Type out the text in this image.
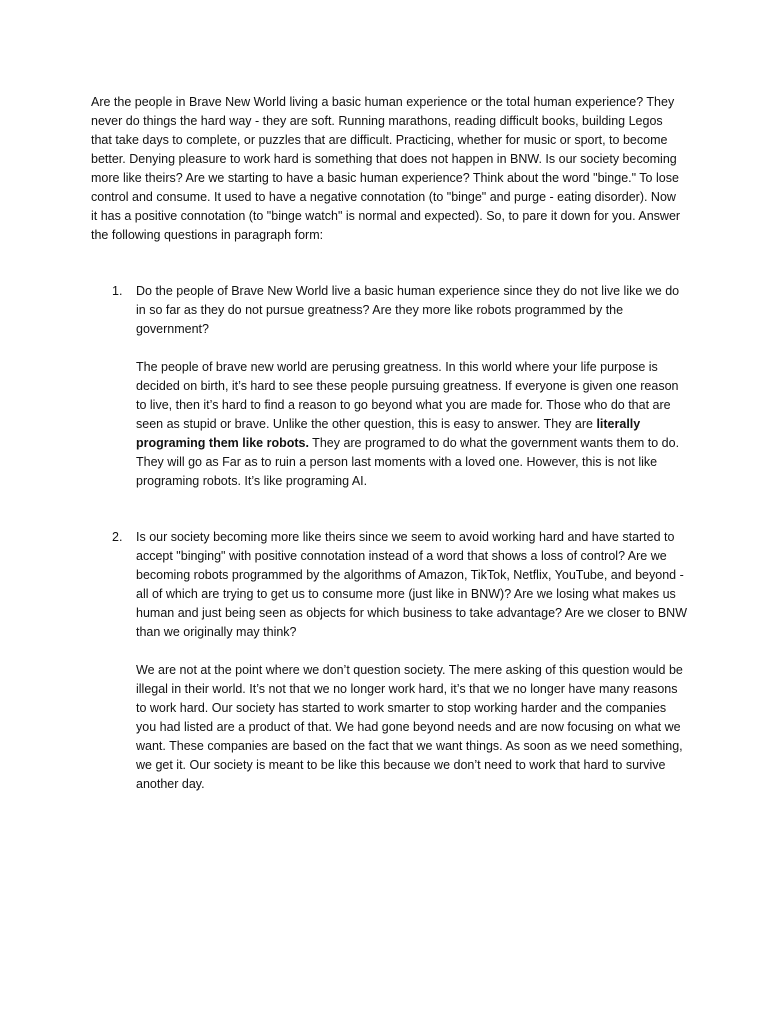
Are the people in Brave New World living a basic human experience or the total human experience? They never do things the hard way - they are soft. Running marathons, reading difficult books, building Legos that take days to complete, or puzzles that are difficult. Practicing, whether for music or sport, to become better. Denying pleasure to work hard is something that does not happen in BNW. Is our society becoming more like theirs? Are we starting to have a basic human experience? Think about the word "binge." To lose control and consume. It used to have a negative connotation (to "binge" and purge - eating disorder). Now it has a positive connotation (to "binge watch" is normal and expected). So, to pare it down for you. Answer the following questions in paragraph form:

1.	Do the people of Brave New World live a basic human experience since they do not live like we do in so far as they do not pursue greatness? Are they more like robots programmed by the government?

The people of brave new world are perusing greatness. In this world where your life purpose is decided on birth, it’s hard to see these people pursuing greatness. If everyone is given one reason to live, then it’s hard to find a reason to go beyond what you are made for. Those who do that are seen as stupid or brave. Unlike the other question, this is easy to answer. They are literally programing them like robots. They are programed to do what the government wants them to do. They will go as Far as to ruin a person last moments with a loved one. However, this is not like programing robots. It’s like programing AI.

2.	Is our society becoming more like theirs since we seem to avoid working hard and have started to accept "binging" with positive connotation instead of a word that shows a loss of control? Are we becoming robots programmed by the algorithms of Amazon, TikTok, Netflix, YouTube, and beyond - all of which are trying to get us to consume more (just like in BNW)? Are we losing what makes us human and just being seen as objects for which business to take advantage? Are we closer to BNW than we originally may think?

We are not at the point where we don’t question society. The mere asking of this question would be illegal in their world. It’s not that we no longer work hard, it’s that we no longer have many reasons to work hard. Our society has started to work smarter to stop working harder and the companies you had listed are a product of that. We had gone beyond needs and are now focusing on what we want. These companies are based on the fact that we want things. As soon as we need something, we get it. Our society is meant to be like this because we don’t need to work that hard to survive another day.
